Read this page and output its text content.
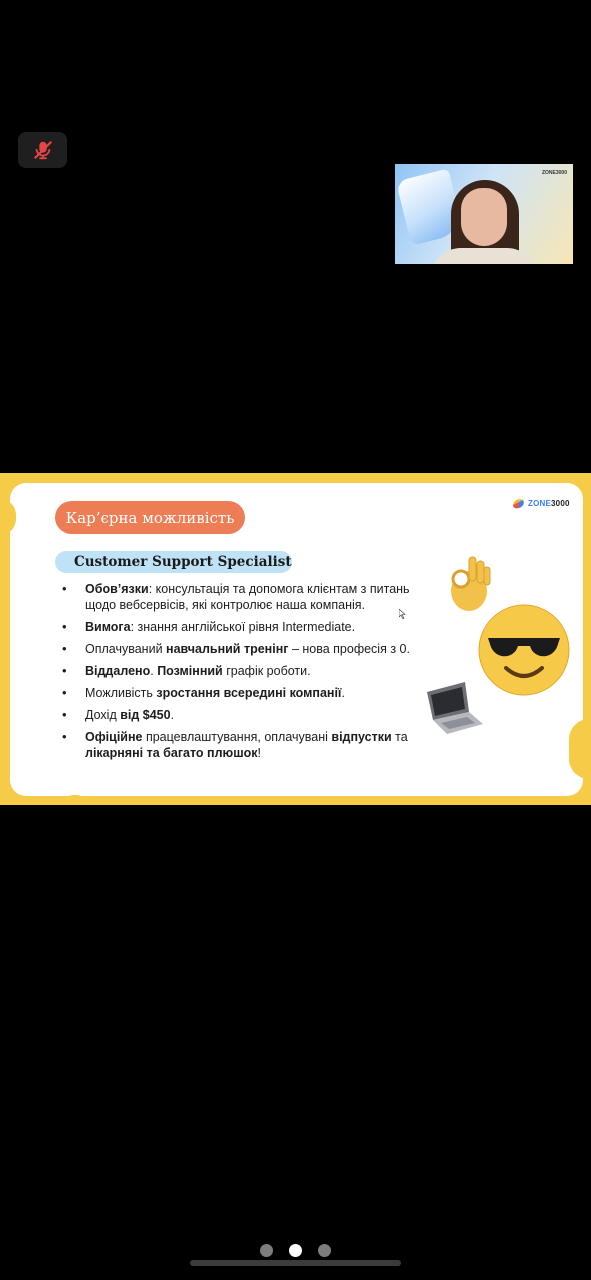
ZONE3000
Кар’єрна можливість
ZONE 3000
Customer Support Specialist
• Обов’язки: консультація та допомога клієнтам з питань щодо вебсервісів, які контролює наша компанія.
• Вимога: знання англійської рівня Intermediate.
• Оплачуваний навчальний тренінг – нова професія з 0.
• Віддалено. Позмінний графік роботи.
• Можливість зростання всередині компанії.
• Дохід від $450.
• Офіційне працевлаштування, оплачувані відпустки та лікарняні та багато плюшок!
